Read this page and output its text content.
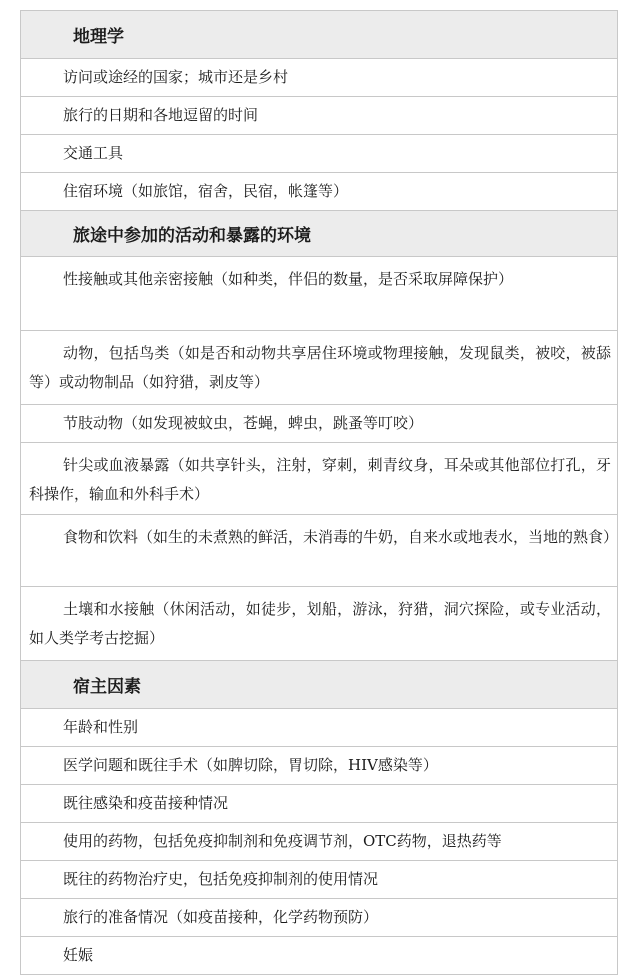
地理学
访问或途经的国家；城市还是乡村
旅行的日期和各地逗留的时间
交通工具
住宿环境（如旅馆，宿舍，民宿，帐篷等）
旅途中参加的活动和暴露的环境
性接触或其他亲密接触（如种类，伴侣的数量，是否采取屏障保护）
动物，包括鸟类（如是否和动物共享居住环境或物理接触，发现鼠类，被咬，被舔等）或动物制品（如狩猎，剥皮等）
节肢动物（如发现被蚊虫，苍蝇，蜱虫，跳蚤等叮咬）
针尖或血液暴露（如共享针头，注射，穿刺，刺青纹身，耳朵或其他部位打孔，牙科操作，输血和外科手术）
食物和饮料（如生的未煮熟的鲜活，未消毒的牛奶，自来水或地表水，当地的熟食）
土壤和水接触（休闲活动，如徒步，划船，游泳，狩猎，洞穴探险，或专业活动，如人类学考古挖掘）
宿主因素
年龄和性别
医学问题和既往手术（如脾切除，胃切除，HIV感染等）
既往感染和疫苗接种情况
使用的药物，包括免疫抑制剂和免疫调节剂，OTC药物，退热药等
既往的药物治疗史，包括免疫抑制剂的使用情况
旅行的准备情况（如疫苗接种，化学药物预防）
妊娠
